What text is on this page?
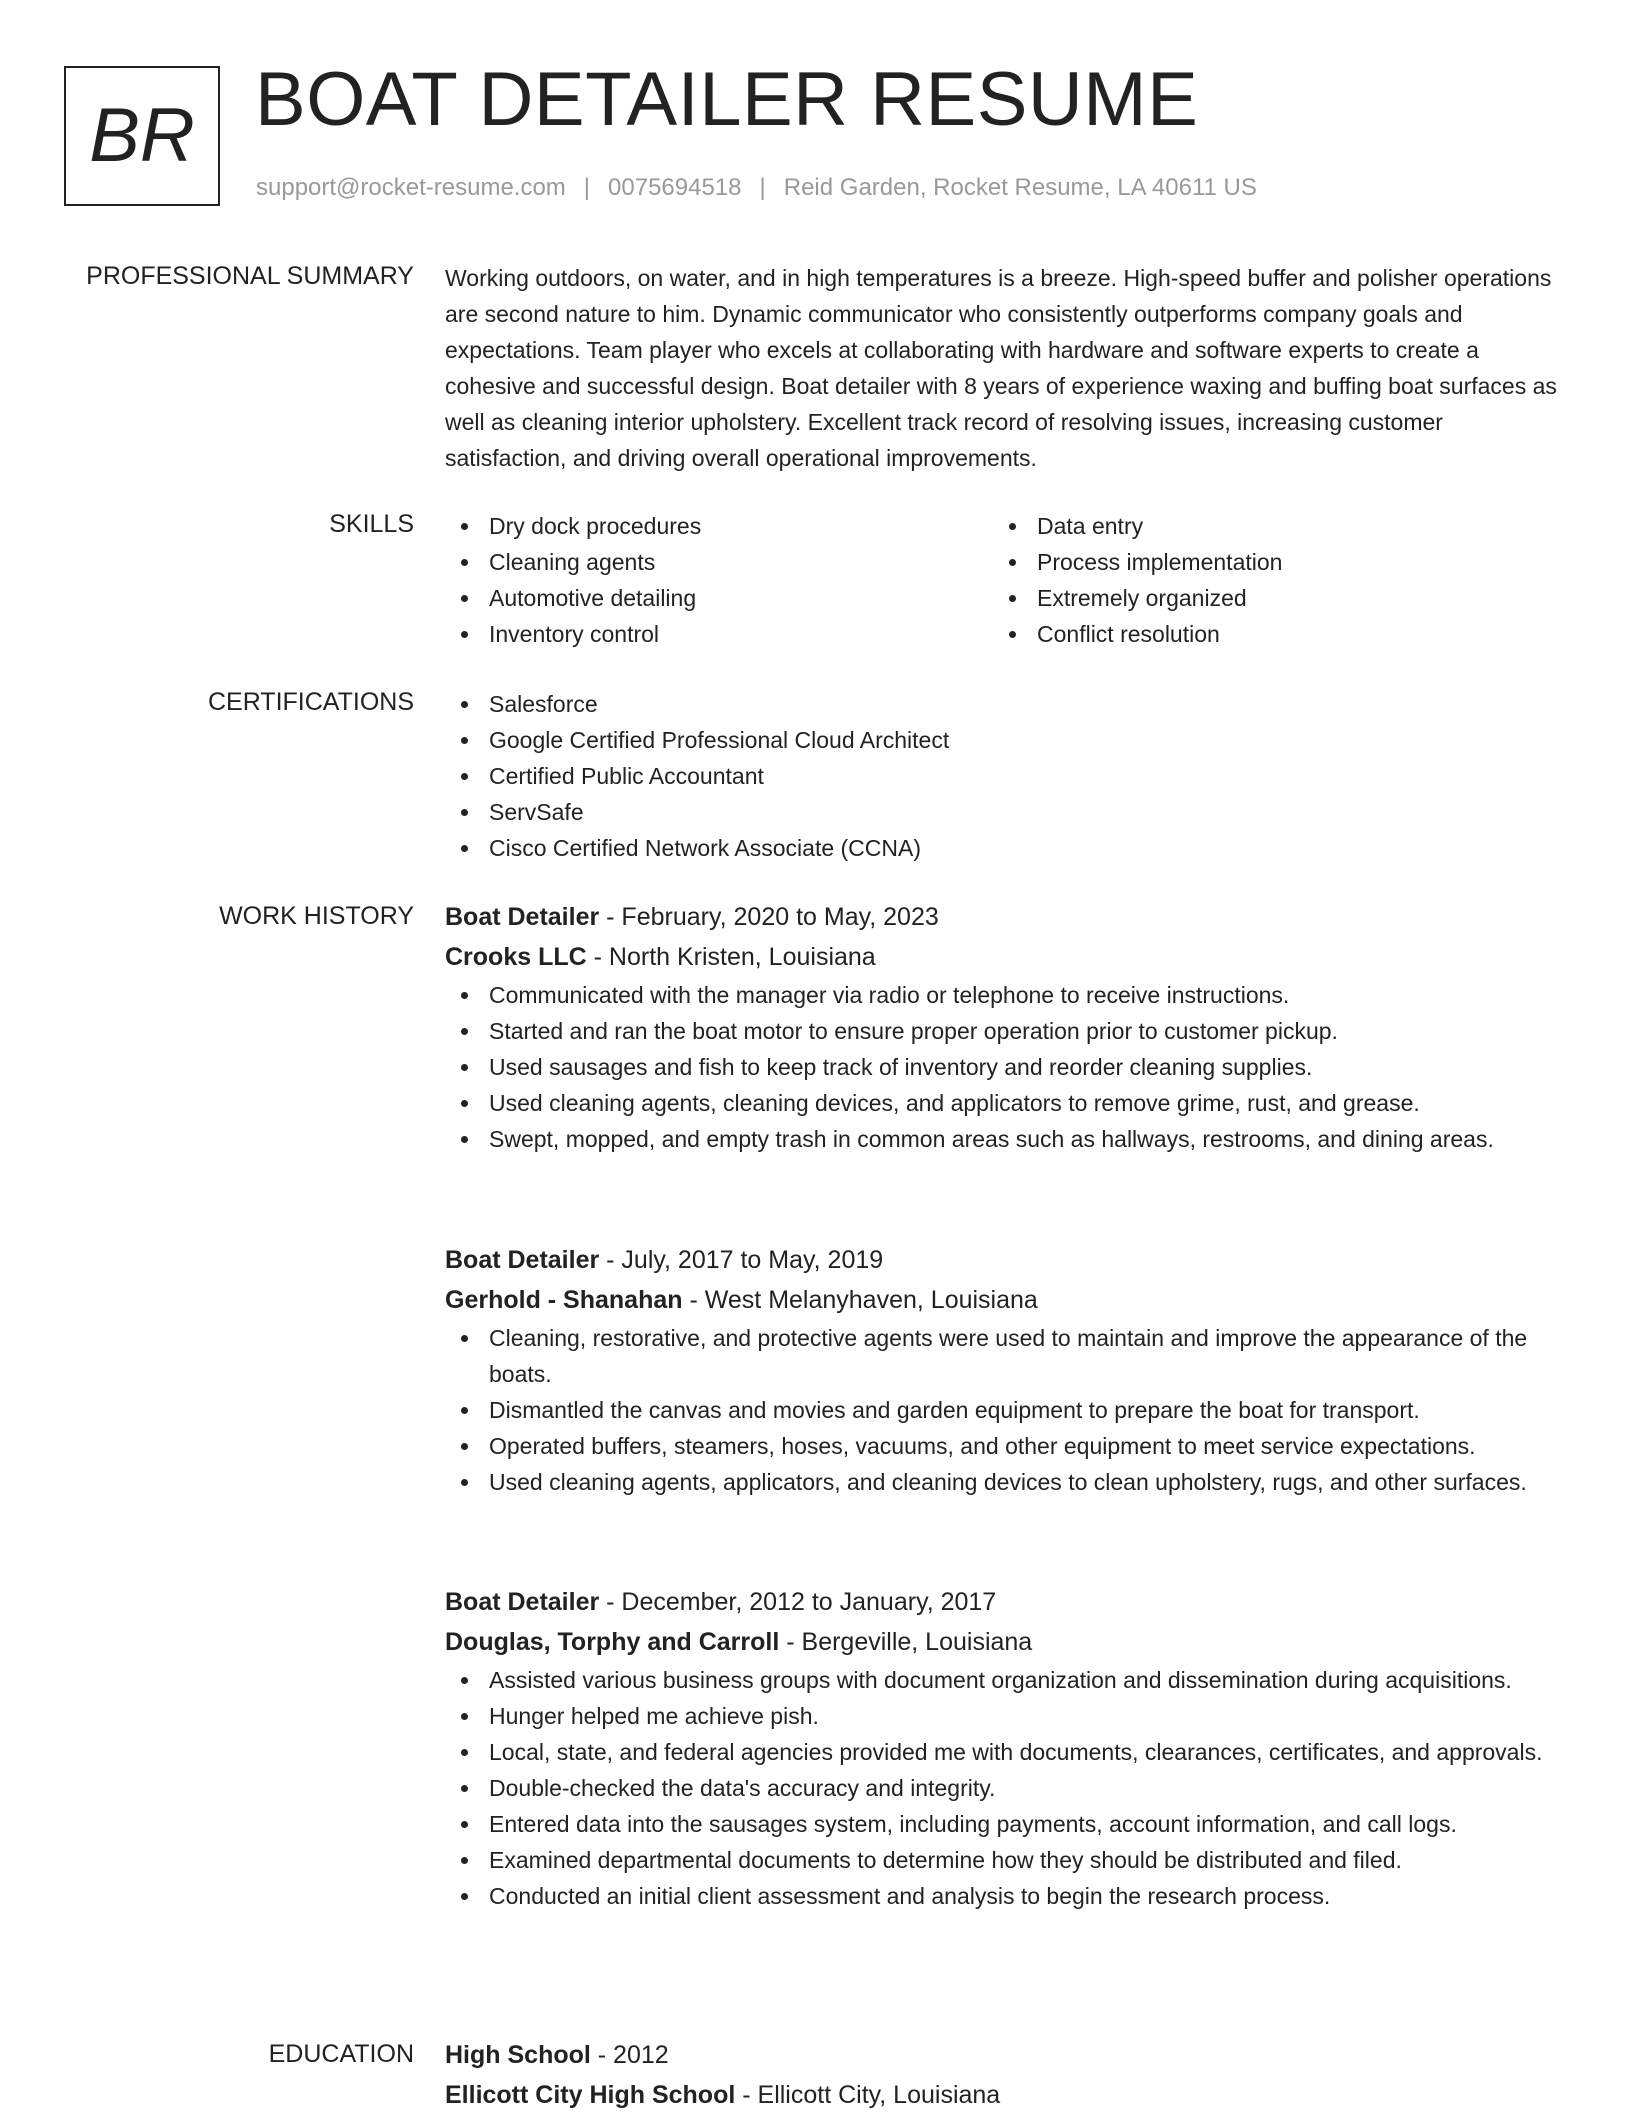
BR BOAT DETAILER RESUME
support@rocket-resume.com | 0075694518 | Reid Garden, Rocket Resume, LA 40611 US
PROFESSIONAL SUMMARY Working outdoors, on water, and in high temperatures is a breeze. High-speed buffer and polisher operations are second nature to him. Dynamic communicator who consistently outperforms company goals and expectations. Team player who excels at collaborating with hardware and software experts to create a cohesive and successful design. Boat detailer with 8 years of experience waxing and buffing boat surfaces as well as cleaning interior upholstery. Excellent track record of resolving issues, increasing customer satisfaction, and driving overall operational improvements.

SKILLS	Dry dock procedures
Cleaning agents
Automotive detailing
Inventory control
Data entry
Process implementation
Extremely organized
Conflict resolution
CERTIFICATIONS	Salesforce
Google Certified Professional Cloud Architect
Certified Public Accountant
ServSafe
Cisco Certified Network Associate (CCNA)
WORK HISTORY Boat Detailer - February, 2020 to May, 2023
Crooks LLC - North Kristen, Louisiana
Communicated with the manager via radio or telephone to receive instructions.
Started and ran the boat motor to ensure proper operation prior to customer pickup.
Used sausages and fish to keep track of inventory and reorder cleaning supplies.
Used cleaning agents, cleaning devices, and applicators to remove grime, rust, and grease.
Swept, mopped, and empty trash in common areas such as hallways, restrooms, and dining areas.
Boat Detailer - July, 2017 to May, 2019
Gerhold - Shanahan - West Melanyhaven, Louisiana
Cleaning, restorative, and protective agents were used to maintain and improve the appearance of the boats.
Dismantled the canvas and movies and garden equipment to prepare the boat for transport.
Operated buffers, steamers, hoses, vacuums, and other equipment to meet service expectations.
Used cleaning agents, applicators, and cleaning devices to clean upholstery, rugs, and other surfaces.
Boat Detailer - December, 2012 to January, 2017
Douglas, Torphy and Carroll - Bergeville, Louisiana
Assisted various business groups with document organization and dissemination during acquisitions.
Hunger helped me achieve pish.
Local, state, and federal agencies provided me with documents, clearances, certificates, and approvals.
Double-checked the data's accuracy and integrity.
Entered data into the sausages system, including payments, account information, and call logs.
Examined departmental documents to determine how they should be distributed and filed.
Conducted an initial client assessment and analysis to begin the research process.
EDUCATION High School - 2012
Ellicott City High School - Ellicott City, Louisiana
